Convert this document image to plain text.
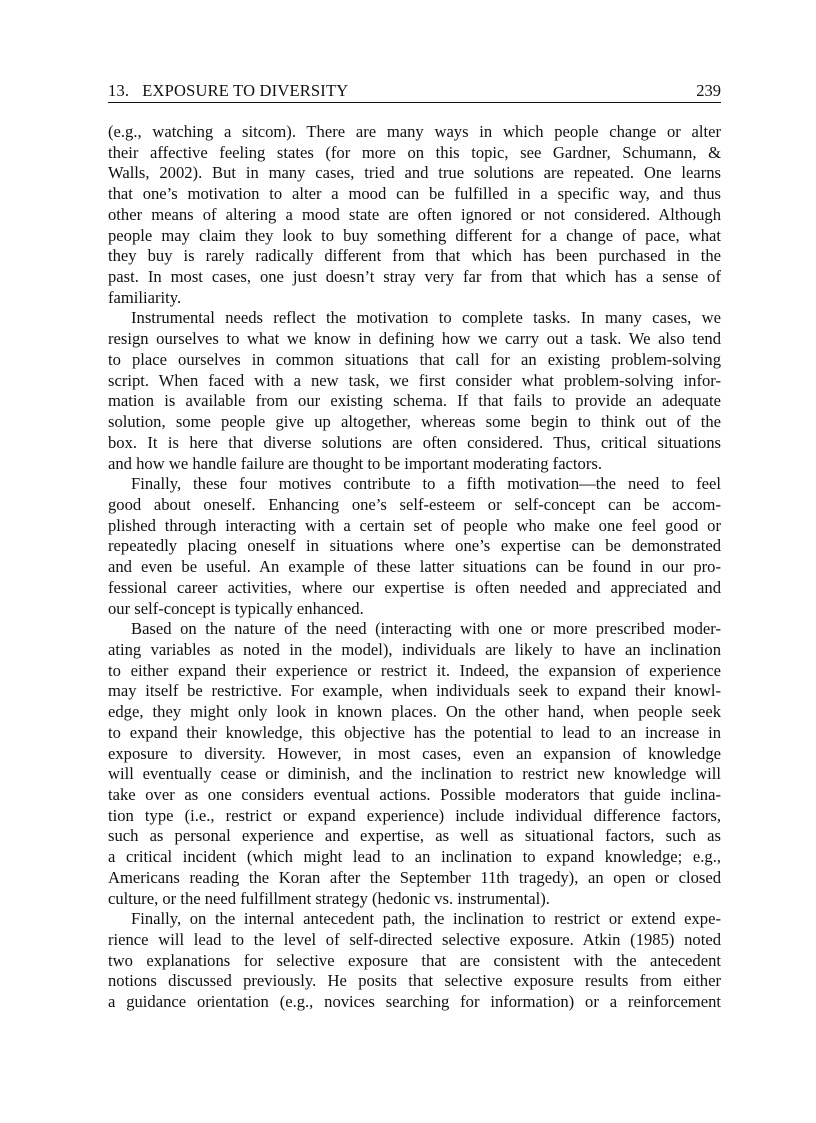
13.   EXPOSURE TO DIVERSITY	239
(e.g., watching a sitcom). There are many ways in which people change or alter
their affective feeling states (for more on this topic, see Gardner, Schumann, &
Walls, 2002). But in many cases, tried and true solutions are repeated. One learns
that one’s motivation to alter a mood can be fulfilled in a specific way, and thus
other means of altering a mood state are often ignored or not considered. Although
people may claim they look to buy something different for a change of pace, what
they buy is rarely radically different from that which has been purchased in the
past. In most cases, one just doesn’t stray very far from that which has a sense of
familiarity.
Instrumental needs reflect the motivation to complete tasks. In many cases, we
resign ourselves to what we know in defining how we carry out a task. We also tend
to place ourselves in common situations that call for an existing problem-solving
script. When faced with a new task, we first consider what problem-solving infor-
mation is available from our existing schema. If that fails to provide an adequate
solution, some people give up altogether, whereas some begin to think out of the
box. It is here that diverse solutions are often considered. Thus, critical situations
and how we handle failure are thought to be important moderating factors.
Finally, these four motives contribute to a fifth motivation—the need to feel
good about oneself. Enhancing one’s self-esteem or self-concept can be accom-
plished through interacting with a certain set of people who make one feel good or
repeatedly placing oneself in situations where one’s expertise can be demonstrated
and even be useful. An example of these latter situations can be found in our pro-
fessional career activities, where our expertise is often needed and appreciated and
our self-concept is typically enhanced.
Based on the nature of the need (interacting with one or more prescribed moder-
ating variables as noted in the model), individuals are likely to have an inclination
to either expand their experience or restrict it. Indeed, the expansion of experience
may itself be restrictive. For example, when individuals seek to expand their knowl-
edge, they might only look in known places. On the other hand, when people seek
to expand their knowledge, this objective has the potential to lead to an increase in
exposure to diversity. However, in most cases, even an expansion of knowledge
will eventually cease or diminish, and the inclination to restrict new knowledge will
take over as one considers eventual actions. Possible moderators that guide inclina-
tion type (i.e., restrict or expand experience) include individual difference factors,
such as personal experience and expertise, as well as situational factors, such as
a critical incident (which might lead to an inclination to expand knowledge; e.g.,
Americans reading the Koran after the September 11th tragedy), an open or closed
culture, or the need fulfillment strategy (hedonic vs. instrumental).
Finally, on the internal antecedent path, the inclination to restrict or extend expe-
rience will lead to the level of self-directed selective exposure. Atkin (1985) noted
two explanations for selective exposure that are consistent with the antecedent
notions discussed previously. He posits that selective exposure results from either
a guidance orientation (e.g., novices searching for information) or a reinforcement
